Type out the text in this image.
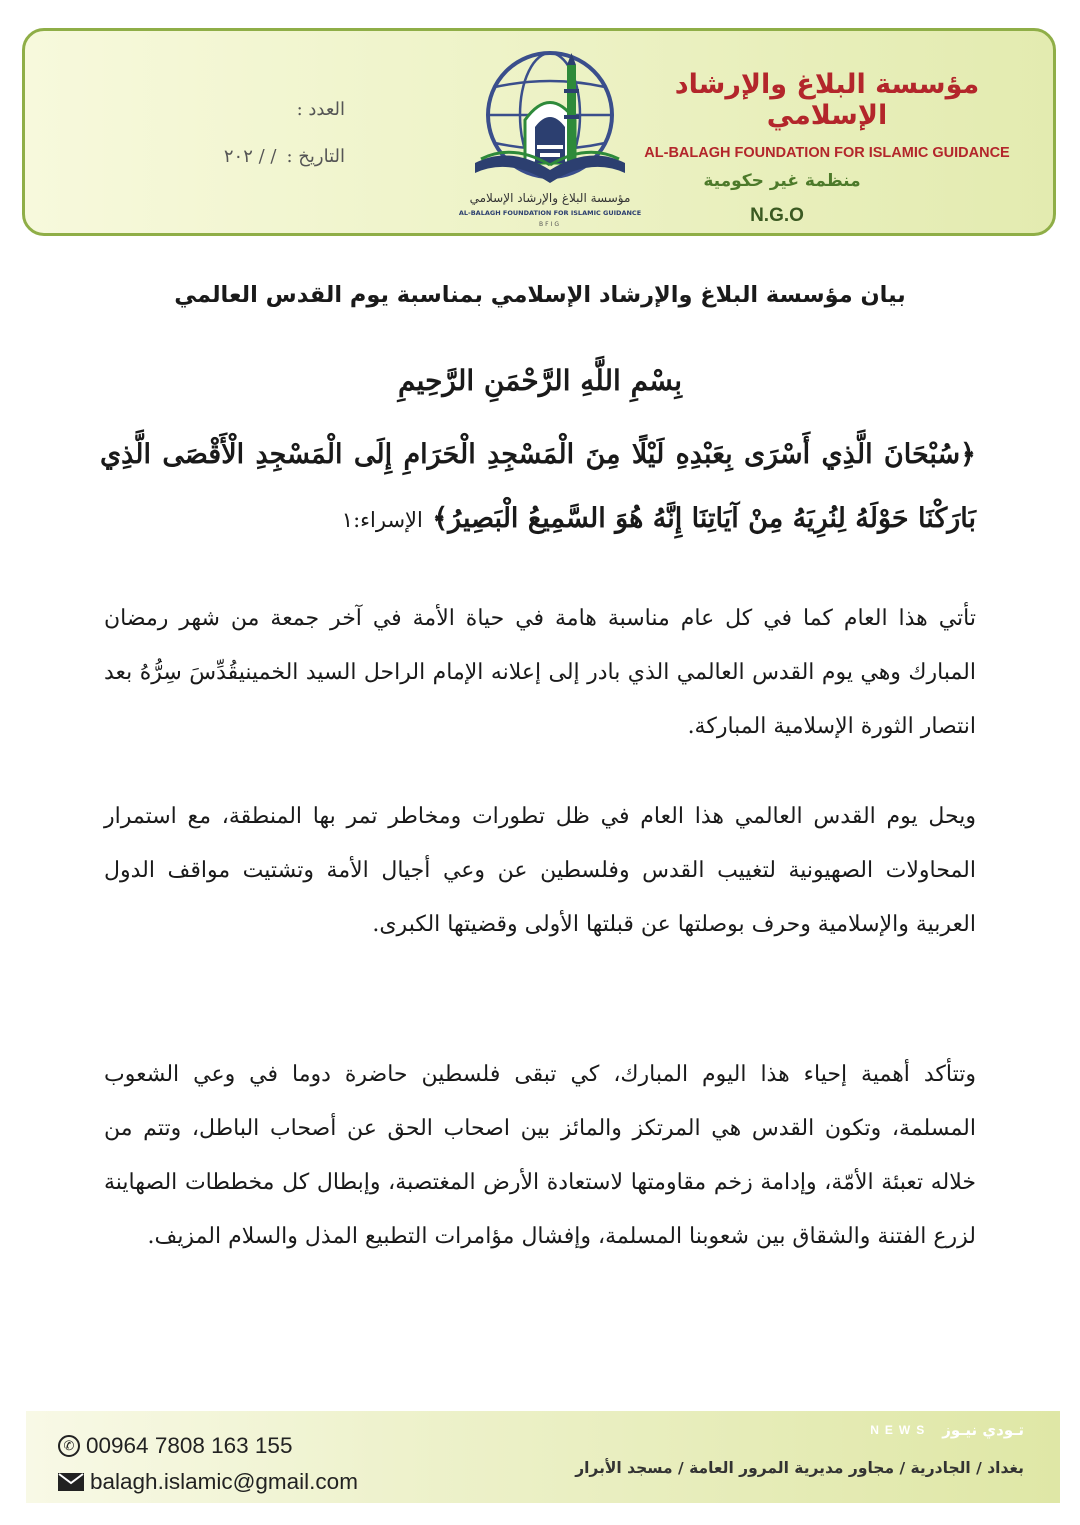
العدد :
التاريخ :
/ / ٢٠٢
مؤسسة البلاغ والإرشاد الإسلامي
AL-BALAGH FOUNDATION FOR ISLAMIC GUIDANCE
BFIG
مؤسسة البلاغ والإرشاد الإسلامي
AL-BALAGH FOUNDATION FOR ISLAMIC GUIDANCE
منظمة غير حكومية
N.G.O
بيان مؤسسة البلاغ والإرشاد الإسلامي بمناسبة يوم القدس العالمي
بِسْمِ اللَّهِ الرَّحْمَنِ الرَّحِيمِ
﴿سُبْحَانَ الَّذِي أَسْرَى بِعَبْدِهِ لَيْلًا مِنَ الْمَسْجِدِ الْحَرَامِ إِلَى الْمَسْجِدِ الْأَقْصَى الَّذِي بَارَكْنَا حَوْلَهُ لِنُرِيَهُ مِنْ آيَاتِنَا إِنَّهُ هُوَ السَّمِيعُ الْبَصِيرُ﴾ الإسراء:١

تأتي هذا العام كما في كل عام مناسبة هامة في حياة الأمة في آخر جمعة من شهر رمضان المبارك وهي يوم القدس العالمي الذي بادر إلى إعلانه الإمام الراحل السيد الخمينيقُدِّسَ سِرُّهُ بعد انتصار الثورة الإسلامية المباركة.

ويحل يوم القدس العالمي هذا العام في ظل تطورات ومخاطر تمر بها المنطقة، مع استمرار المحاولات الصهيونية لتغييب القدس وفلسطين عن وعي أجيال الأمة وتشتيت مواقف الدول العربية والإسلامية وحرف بوصلتها عن قبلتها الأولى وقضيتها الكبرى.

وتتأكد أهمية إحياء هذا اليوم المبارك، كي تبقى فلسطين حاضرة دوما في وعي الشعوب المسلمة، وتكون القدس هي المرتكز والمائز بين اصحاب الحق عن أصحاب الباطل، وتتم من خلاله تعبئة الأمّة، وإدامة زخم مقاومتها لاستعادة الأرض المغتصبة، وإبطال كل مخططات الصهاينة لزرع الفتنة والشقاق بين شعوبنا المسلمة، وإفشال مؤامرات التطبيع المذل والسلام المزيف.

✆ 00964 7808 163 155
balagh.islamic@gmail.com
NEWS تـودي نيـوز
بغداد / الجادرية / مجاور مديرية المرور العامة / مسجد الأبرار
